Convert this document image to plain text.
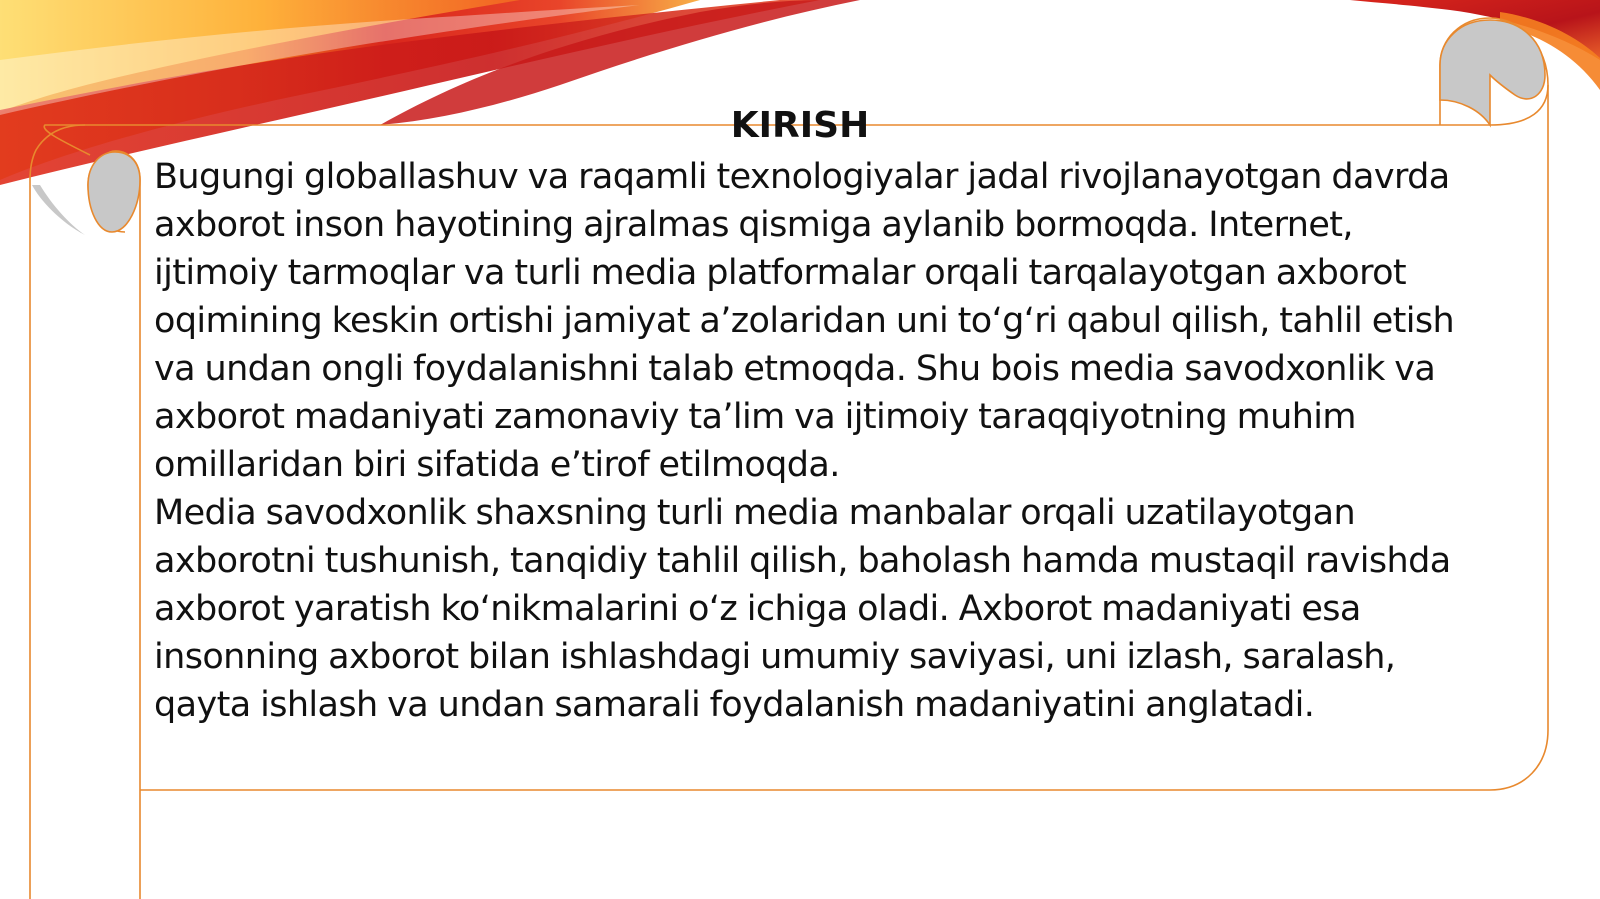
KIRISH

Bugungi globallashuv va raqamli texnologiyalar jadal rivojlanayotgan davrda axborot inson hayotining ajralmas qismiga aylanib bormoqda. Internet, ijtimoiy tarmoqlar va turli media platformalar orqali tarqalayotgan axborot oqimining keskin ortishi jamiyat a’zolaridan uni to‘g‘ri qabul qilish, tahlil etish va undan ongli foydalanishni talab etmoqda. Shu bois media savodxonlik va axborot madaniyati zamonaviy ta’lim va ijtimoiy taraqqiyotning muhim omillaridan biri sifatida e’tirof etilmoqda.

Media savodxonlik shaxsning turli media manbalar orqali uzatilayotgan axborotni tushunish, tanqidiy tahlil qilish, baholash hamda mustaqil ravishda axborot yaratish ko‘nikmalarini o‘z ichiga oladi. Axborot madaniyati esa insonning axborot bilan ishlashdagi umumiy saviyasi, uni izlash, saralash, qayta ishlash va undan samarali foydalanish madaniyatini anglatadi.
